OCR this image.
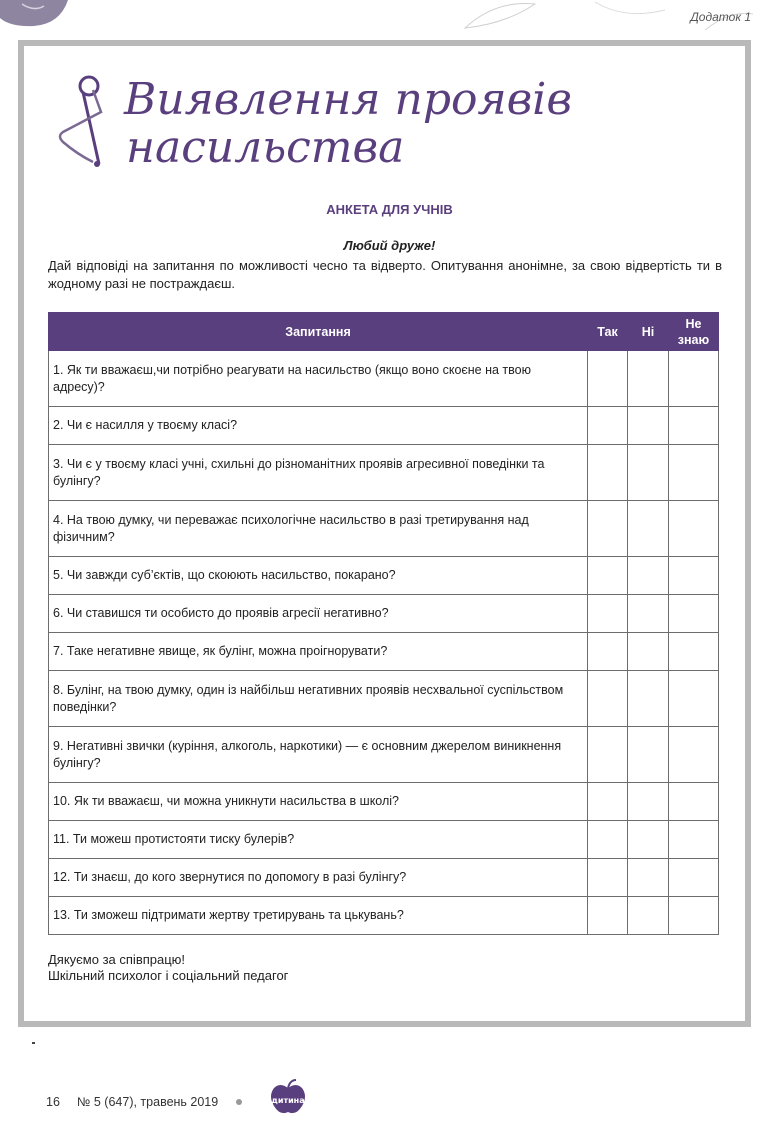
Додаток 1
Виявлення проявів
насильства
АНКЕТА ДЛЯ УЧНІВ
Любий друже!
Дай відповіді на запитання по можливості чесно та відверто. Опитування анонімне, за свою відвертість ти в жодному разі не постраждаєш.
Запитання	Так	Ні	Не
знаю
1. Як ти вважаєш,чи потрібно реагувати на насильство (якщо воно скоєне на твою адресу)?			
2. Чи є насилля у твоєму класі?			
3. Чи є у твоєму класі учні, схильні до різноманітних проявів агресивної поведінки та булінгу?			
4. На твою думку, чи переважає психологічне насильство в разі третирування над фізичним?			
5. Чи завжди суб’єктів, що скоюють насильство, покарано?			
6. Чи ставишся ти особисто до проявів агресії негативно?			
7. Таке негативне явище, як булінг, можна проігнорувати?			
8. Булінг, на твою думку, один із найбільш негативних проявів несхвальної суспільством поведінки?			
9. Негативні звички (куріння, алкоголь, наркотики) — є основним джерелом виникнення булінгу?			
10. Як ти вважаєш, чи можна уникнути насильства в школі?			
11. Ти можеш протистояти тиску булерів?			
12. Ти знаєш, до кого звернутися по допомогу в разі булінгу?			
13. Ти зможеш підтримати жертву третирувань та цькувань?			
Дякуємо за співпрацю!
Шкільний психолог і соціальний педагог
16 № 5 (647), травень 2019	дитина
